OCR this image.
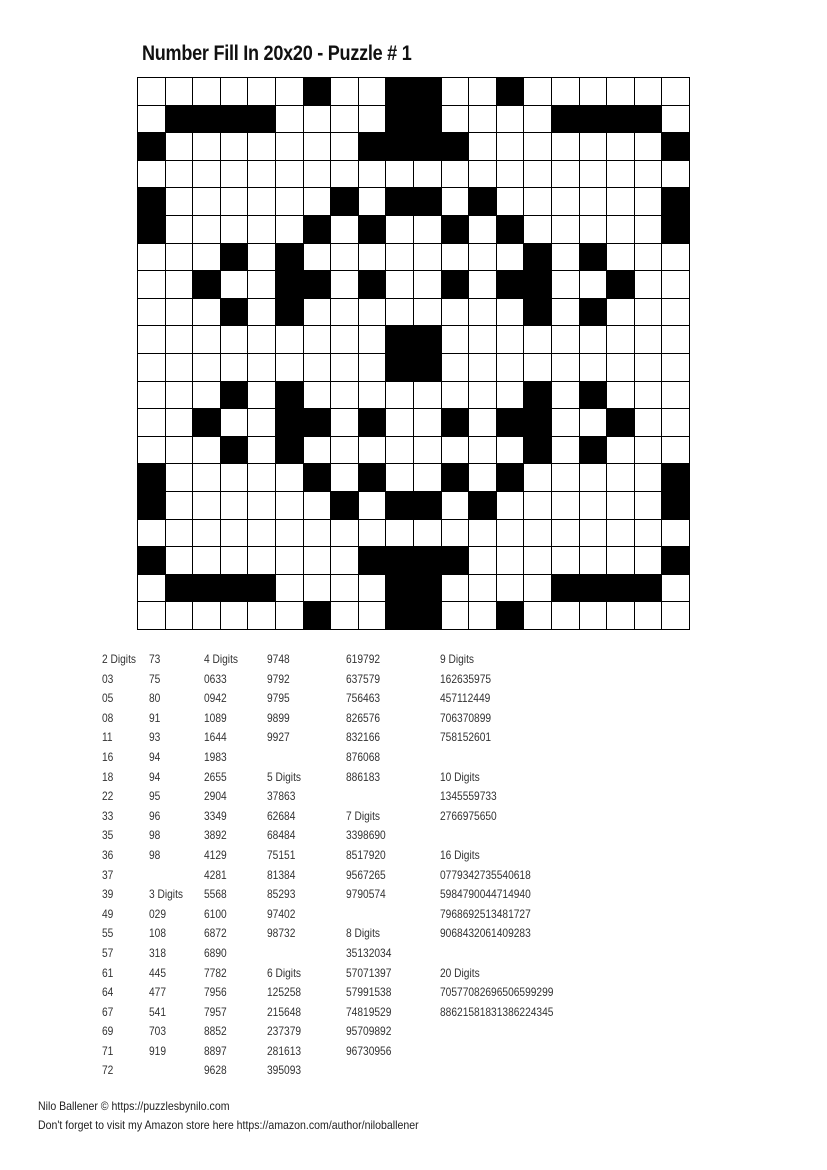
Number Fill In 20x20 - Puzzle # 1
2 Digits
03
05
08
11
16
18
22
33
35
36
37
39
49
55
57
61
64
67
69
71
72
73
75
80
91
93
94
94
95
96
98
98
3 Digits
029
108
318
445
477
541
703
919
4 Digits
0633
0942
1089
1644
1983
2655
2904
3349
3892
4129
4281
5568
6100
6872
6890
7782
7956
7957
8852
8897
9628
9748
9792
9795
9899
9927
5 Digits
37863
62684
68484
75151
81384
85293
97402
98732
6 Digits
125258
215648
237379
281613
395093
619792
637579
756463
826576
832166
876068
886183
7 Digits
3398690
8517920
9567265
9790574
8 Digits
35132034
57071397
57991538
74819529
95709892
96730956
9 Digits
162635975
457112449
706370899
758152601
10 Digits
1345559733
2766975650
16 Digits
0779342735540618
5984790044714940
7968692513481727
9068432061409283
20 Digits
70577082696506599299
88621581831386224345
Nilo Ballener © https://puzzlesbynilo.com
Don't forget to visit my Amazon store here https://amazon.com/author/niloballener
